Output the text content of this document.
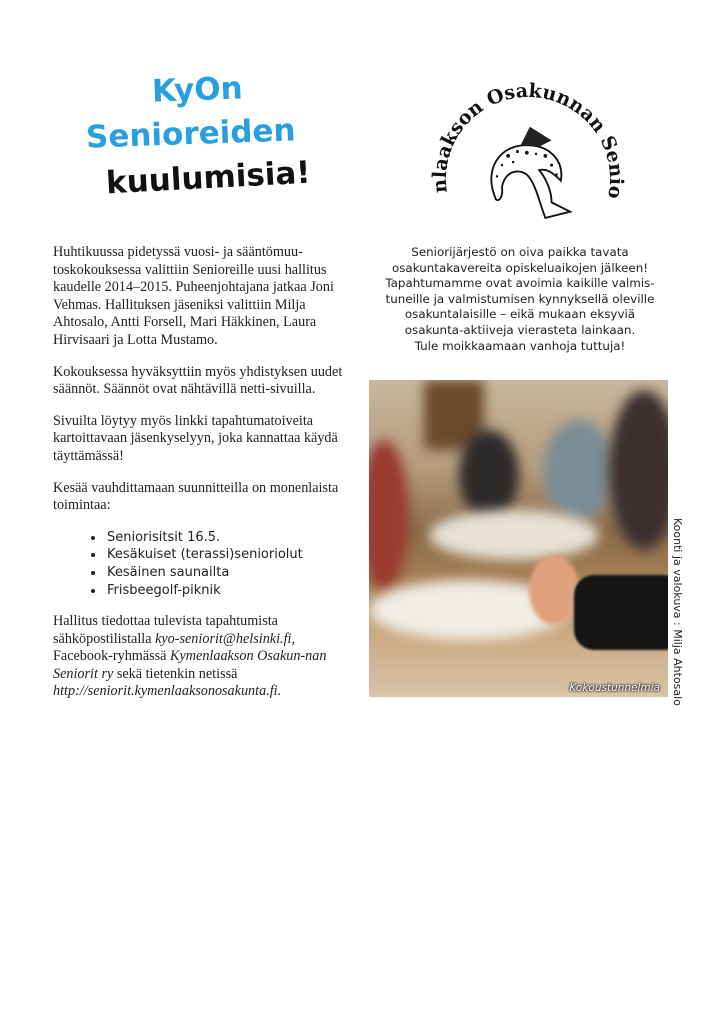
KyOn
Senioreiden
kuulumisia!	nlaakson Osakunnan Senio

Huhtikuussa pidetyssä vuosi- ja sääntömuu-toskokouksessa valittiin Senioreille uusi hallitus kaudelle 2014–2015. Puheenjohtajana jatkaa Joni Vehmas. Hallituksen jäseniksi valittiin Milja Ahtosalo, Antti Forsell, Mari Häkkinen, Laura Hirvisaari ja Lotta Mustamo.

Kokouksessa hyväksyttiin myös yhdistyksen uudet säännöt. Säännöt ovat nähtävillä netti-sivuilla.

Sivuilta löytyy myös linkki tapahtumatoiveita kartoittavaan jäsenkyselyyn, joka kannattaa käydä täyttämässä!

Kesää vauhdittamaan suunnitteilla on monenlaista toimintaa:

• Seniorisitsit 16.5.
• Kesäkuiset (terassi)senioriolut
• Kesäinen saunailta
• Frisbeegolf-piknik

Hallitus tiedottaa tulevista tapahtumista sähköpostilistalla kyo-seniorit@helsinki.fi, Facebook-ryhmässä Kymenlaakson Osakun-nan Seniorit ry sekä tietenkin netissä http://seniorit.kymenlaaksonosakunta.fi.

Seniorijärjestö on oiva paikka tavata
osakuntakavereita opiskeluaikojen jälkeen!
Tapahtumamme ovat avoimia kaikille valmis-
tuneille ja valmistumisen kynnyksellä oleville
osakuntalaisille – eikä mukaan eksyviä
osakunta-aktiiveja vierasteta lainkaan.
Tule moikkaamaan vanhoja tuttuja!
Kokoustunnelmia Koonti ja valokuva : Milja Ahtosalo
